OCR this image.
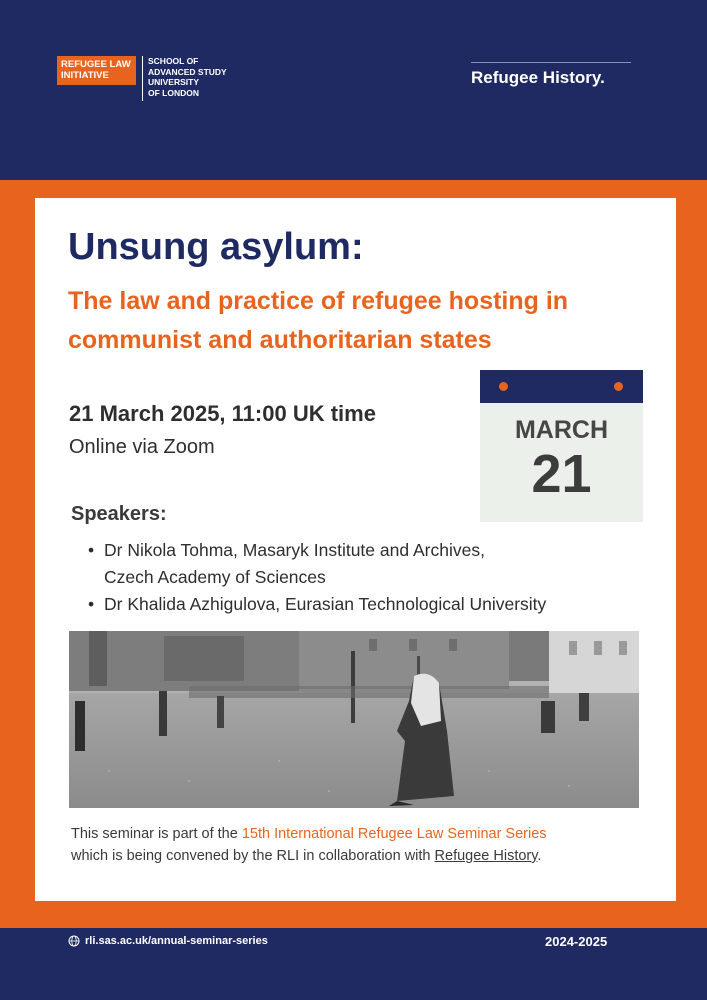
REFUGEE LAW INITIATIVE
SCHOOL OF
ADVANCED STUDY
UNIVERSITY
OF LONDON
Refugee History.
Unsung asylum:
The law and practice of refugee hosting in communist and authoritarian states
21 March 2025, 11:00 UK time
Online via Zoom
MARCH
21
Speakers:
• Dr Nikola Tohma, Masaryk Institute and Archives,
Czech Academy of Sciences
• Dr Khalida Azhigulova, Eurasian Technological University
This seminar is part of the 15th International Refugee Law Seminar Series
which is being convened by the RLI in collaboration with Refugee History.
rli.sas.ac.uk/annual-seminar-series	2024-2025
